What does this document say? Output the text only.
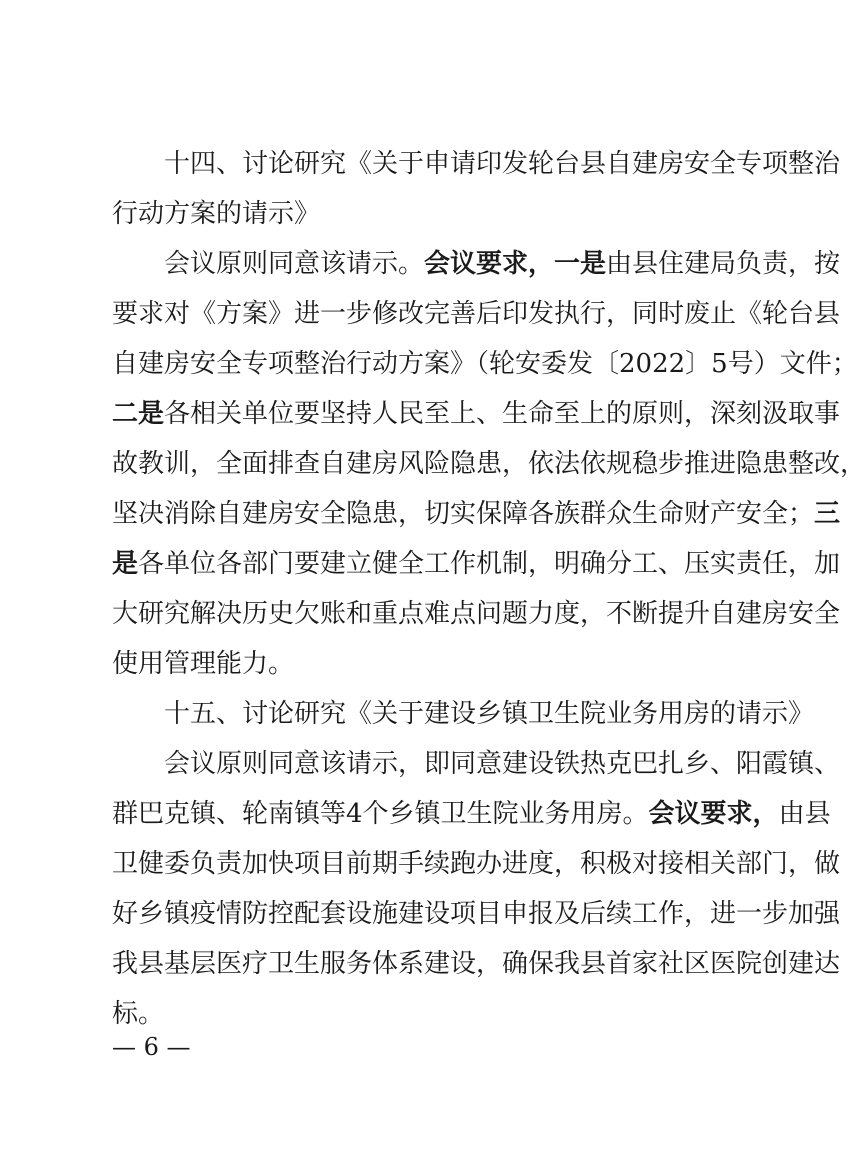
十四、讨论研究《关于申请印发轮台县自建房安全专项整治
行动方案的请示》
会议原则同意该请示。会议要求，一是由县住建局负责，按
要求对《方案》进一步修改完善后印发执行，同时废止《轮台县
自建房安全专项整治行动方案》（轮安委发〔2022〕5号）文件；
二是各相关单位要坚持人民至上、生命至上的原则，深刻汲取事
故教训，全面排查自建房风险隐患，依法依规稳步推进隐患整改，
坚决消除自建房安全隐患，切实保障各族群众生命财产安全；三
是各单位各部门要建立健全工作机制，明确分工、压实责任，加
大研究解决历史欠账和重点难点问题力度，不断提升自建房安全
使用管理能力。
十五、讨论研究《关于建设乡镇卫生院业务用房的请示》
会议原则同意该请示，即同意建设铁热克巴扎乡、阳霞镇、
群巴克镇、轮南镇等4个乡镇卫生院业务用房。会议要求，由县
卫健委负责加快项目前期手续跑办进度，积极对接相关部门，做
好乡镇疫情防控配套设施建设项目申报及后续工作，进一步加强
我县基层医疗卫生服务体系建设，确保我县首家社区医院创建达
标。
— 6 —
